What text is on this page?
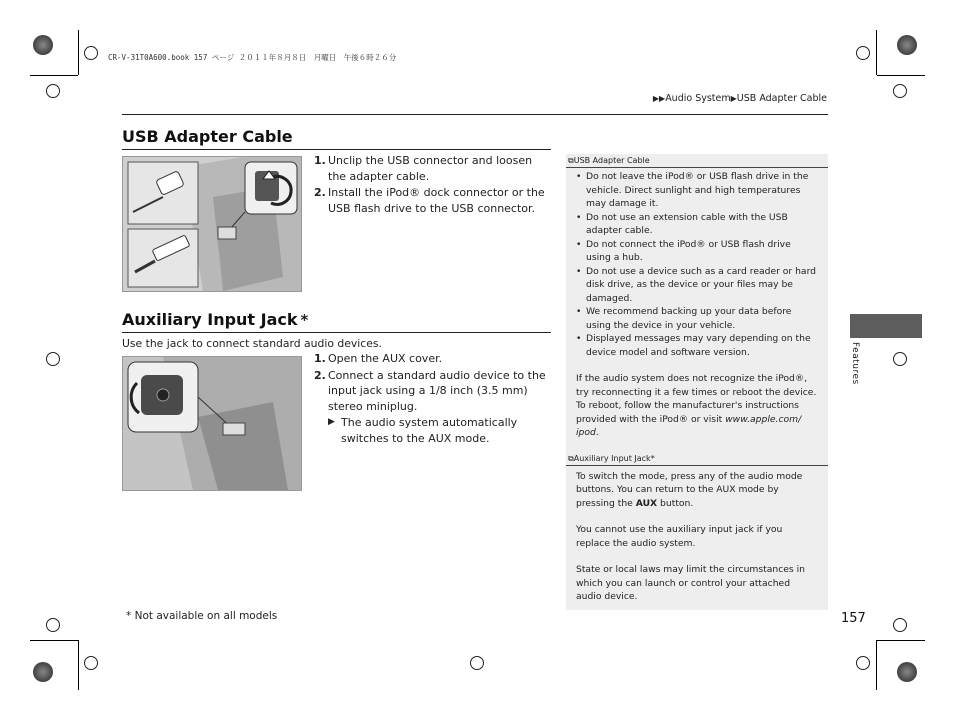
CR-V-31T0A600.book 157 ページ ２０１１年８月８日　月曜日　午後６時２６分
▶▶Audio System▶USB Adapter Cable
USB Adapter Cable
1. Unclip the USB connector and loosen the adapter cable.
2. Install the iPod® dock connector or the USB flash drive to the USB connector.
Auxiliary Input Jack *
Use the jack to connect standard audio devices.
1. Open the AUX cover.
2. Connect a standard audio device to the input jack using a 1/8 inch (3.5 mm) stereo miniplug.
▶ The audio system automatically switches to the AUX mode.
⧉USB Adapter Cable
• Do not leave the iPod® or USB flash drive in the vehicle. Direct sunlight and high temperatures may damage it.
• Do not use an extension cable with the USB adapter cable.
• Do not connect the iPod® or USB flash drive using a hub.
• Do not use a device such as a card reader or hard disk drive, as the device or your files may be damaged.
• We recommend backing up your data before using the device in your vehicle.
• Displayed messages may vary depending on the device model and software version.

If the audio system does not recognize the iPod®, try reconnecting it a few times or reboot the device. To reboot, follow the manufacturer's instructions provided with the iPod® or visit www.apple.com/ ipod.

⧉Auxiliary Input Jack*

To switch the mode, press any of the audio mode buttons. You can return to the AUX mode by pressing the AUX button.

You cannot use the auxiliary input jack if you replace the audio system.

State or local laws may limit the circumstances in which you can launch or control your attached audio device.

Features
* Not available on all models	157
